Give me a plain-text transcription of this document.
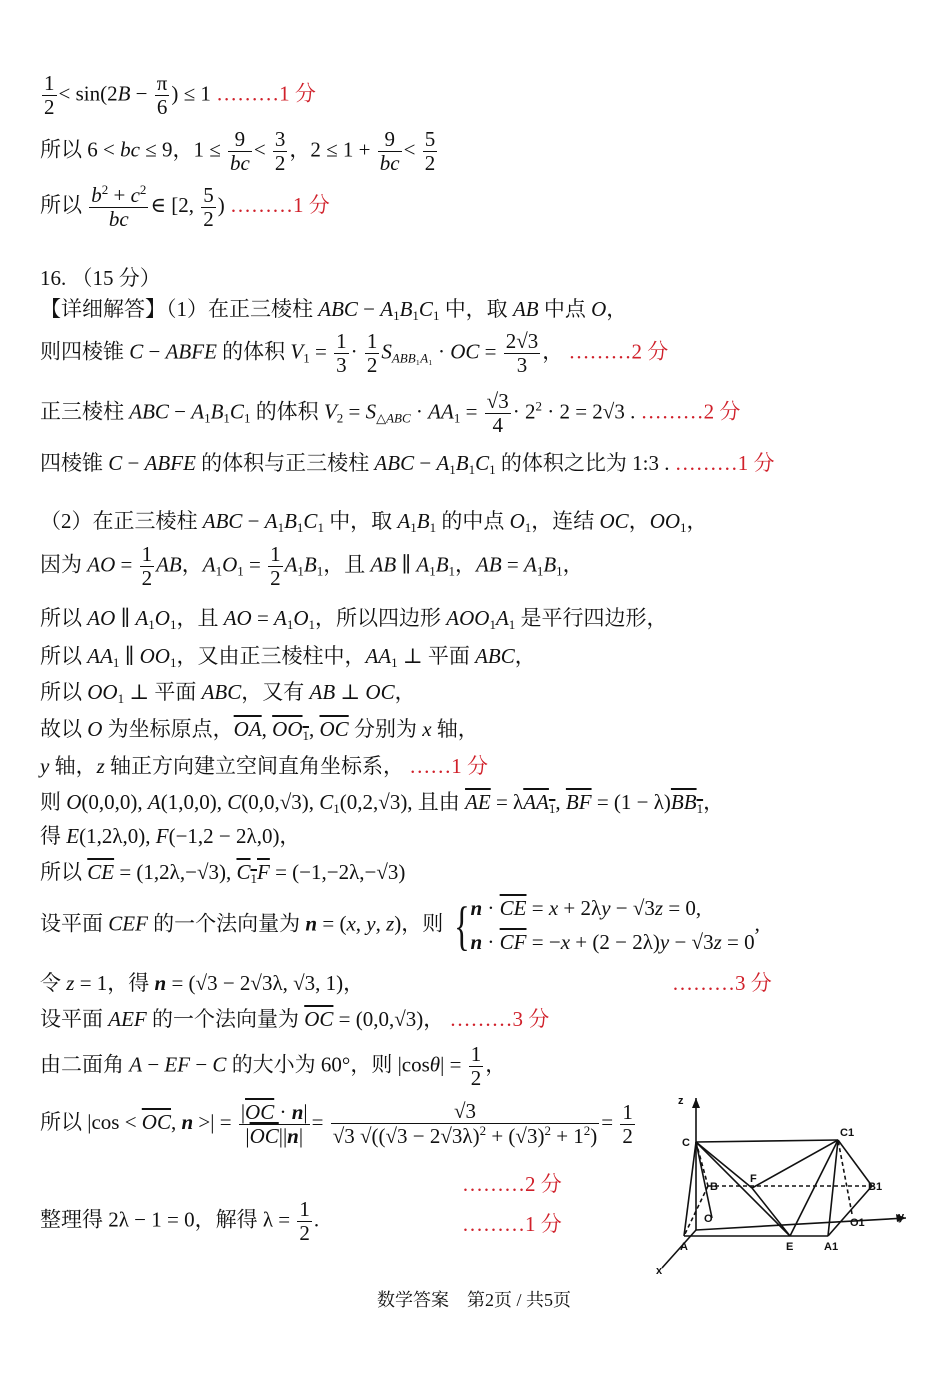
$\frac{1}{2} < \sin(2B - \frac{\pi}{6}$ ) ≤ 1 ………1 分
所以 6 < bc ≤ 9，$1 \le \frac{9}{bc} < \frac{3}{2}$ ，$2 \le 1 + \frac{9}{bc} < \frac{5}{2}$
所以 $\frac{b^2 + c^2}{bc}$ ∈ [2, $\frac{5}{2}$ ) ………1 分
16. （15 分）
【详细解答】（1）在正三棱柱 ABC − $A_1B_1C_1$ 中，取 AB 中点 O，
则四棱锥 C − ABFE 的体积 $V_1 = \frac{1}{3} \cdot \frac{1}{2} S_{ABB_1A_1}$ · OC = $\frac{2√3}{3}$ ， ………2 分
正三棱柱 ABC − $A_1B_1C_1$ 的体积 $V_2 = S_{\triangle ABC} \cdot AA_1 = \frac{√3}{4} \cdot 2^2 \cdot 2 = 2√3$ . ………2 分
四棱锥 C − ABFE 的体积与正三棱柱 ABC − $A_1B_1C_1$ 的体积之比为 1:3 . ………1 分
（2）在正三棱柱 ABC − $A_1B_1C_1$ 中，取 $A_1B_1$ 的中点 $O_1$，连结 OC，$OO_1$，
因为 AO = $\frac{1}{2}$ AB，$A_1O_1 = \frac{1}{2} A_1B_1$，且 AB ∥ $A_1B_1$，AB = $A_1B_1$，
所以 AO ∥ $A_1O_1$，且 AO = $A_1O_1$，所以四边形 $AOO_1A_1$ 是平行四边形，
所以 $AA_1$ ∥ $OO_1$，又由正三棱柱中，$AA_1$ ⊥ 平面 ABC，
所以 $OO_1$ ⊥ 平面 ABC，又有 AB ⊥ OC，
故以 O 为坐标原点，$\overline{OA}$, $OO_1$, $\overline{OC}$ 分别为 x 轴，
y 轴，z 轴正方向建立空间直角坐标系， ……1 分
则 O(0,0,0), A(1,0,0), C(0,0,√3), $C_1(0,2,√3)$, 且由 $\overline{AE} = \lambda AA_1$, $\overline{BF} = (1 - \lambda)BB_1$，
得 E(1,2λ,0), F(−1,2 − 2λ,0)，
所以 $\overline{CE} = (1,2\lambda,-√3)$, $C_1F = (-1,-2\lambda,-√3)$
设平面 CEF 的一个法向量为 n = (x, y, z)，则 { $n \cdot \overline{CE} = x + 2\lambda y - √3z = 0$,
$n \cdot \overline{CF} = -x + (2 - 2\lambda)y - √3z = 0$
,
令 z = 1，得 n = (√3 − 2√3λ, √3, 1)，	………3 分
设平面 AEF 的一个法向量为 $\overline{OC} = (0,0,√3)$， ………3 分
由二面角 A − EF − C 的大小为 60°，则 $|\cos\theta| = \frac{1}{2}$ ，
所以 $|\cos < \overline{OC}$, n >| = $\frac{|\overline{OC} \cdot n|}{|\overline{OC}||n|} = \frac{√3}{√3 √((√3 - 2√3\lambda)^2 + (√3)^2 + 1^2)} = \frac{1}{2}$
………2 分
整理得 2λ − 1 = 0，解得 $\lambda = \frac{1}{2}$ .	………1 分
z
C
C1
F
B	B1
O	O1	y
A	E	A1
x
数学答案　第2页 / 共5页
